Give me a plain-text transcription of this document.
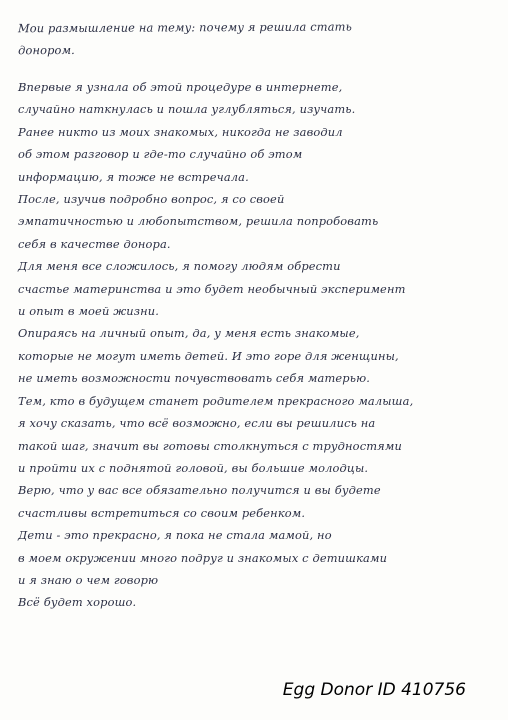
Мои размышление на тему: почему я решила стать
донором.
Впервые я узнала об этой процедуре в интернете,
случайно наткнулась и пошла углубляться, изучать.
Ранее никто из моих знакомых, никогда не заводил
об этом разговор и где-то случайно об этом
информацию, я тоже не встречала.
После, изучив подробно вопрос, я со своей
эмпатичностью и любопытством, решила попробовать
себя в качестве донора.
Для меня все сложилось, я помогу людям обрести
счастье материнства и это будет необычный эксперимент
и опыт в моей жизни.
Опираясь на личный опыт, да, у меня есть знакомые,
которые не могут иметь детей. И это горе для женщины,
не иметь возможности почувствовать себя матерью.
Тем, кто в будущем станет родителем прекрасного малыша,
я хочу сказать, что всё возможно, если вы решились на
такой шаг, значит вы готовы столкнуться с трудностями
и пройти их с поднятой головой, вы большие молодцы.
Верю, что у вас все обязательно получится и вы будете
счастливы встретиться со своим ребенком.
Дети - это прекрасно, я пока не стала мамой, но
в моем окружении много подруг и знакомых с детишками
и я знаю о чем говорю
Всё будет хорошо.
Egg Donor ID 410756
